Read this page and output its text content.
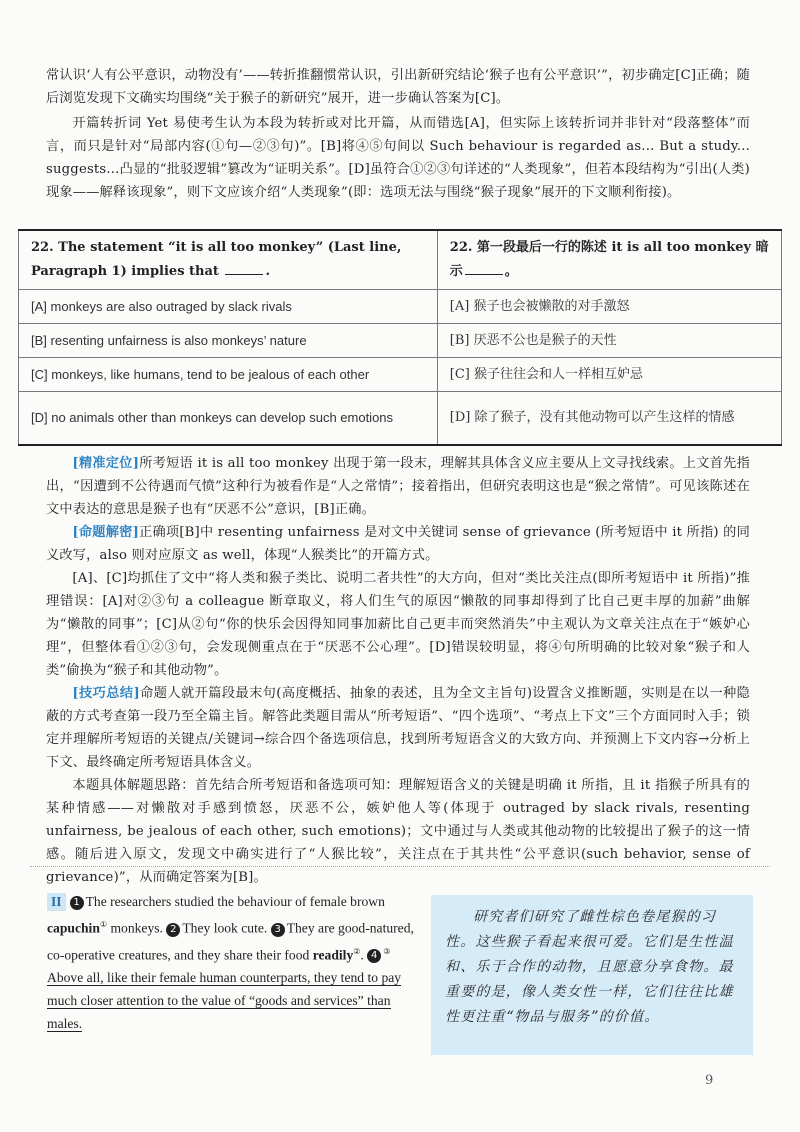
常认识‘人有公平意识，动物没有’——转折推翻惯常认识，引出新研究结论‘猴子也有公平意识’”，初步确定[C]正确；随后浏览发现下文确实均围绕“关于猴子的新研究”展开，进一步确认答案为[C]。

开篇转折词 Yet 易使考生认为本段为转折或对比开篇，从而错选[A]，但实际上该转折词并非针对“段落整体”而言，而只是针对“局部内容(①句—②③句)”。[B]将④⑤句间以 Such behaviour is regarded as... But a study... suggests...凸显的“批驳逻辑”篡改为“证明关系”。[D]虽符合①②③句详述的“人类现象”，但若本段结构为“引出(人类)现象——解释该现象”，则下文应该介绍“人类现象”(即：选项无法与围绕“猴子现象”展开的下文顺利衔接)。

22. The statement “it is all too monkey” (Last line, Paragraph 1) implies that .	22. 第一段最后一行的陈述 it is all too monkey 暗示 。
[A] monkeys are also outraged by slack rivals	[A] 猴子也会被懒散的对手激怒
[B] resenting unfairness is also monkeys’ nature	[B] 厌恶不公也是猴子的天性
[C] monkeys, like humans, tend to be jealous of each other	[C] 猴子往往会和人一样相互妒忌
[D] no animals other than monkeys can develop such emotions	[D] 除了猴子，没有其他动物可以产生这样的情感

[精准定位]所考短语 it is all too monkey 出现于第一段末，理解其具体含义应主要从上文寻找线索。上文首先指出，“因遭到不公待遇而气愤”这种行为被看作是“人之常情”；接着指出，但研究表明这也是“猴之常情”。可见该陈述在文中表达的意思是猴子也有“厌恶不公”意识，[B]正确。

[命题解密]正确项[B]中 resenting unfairness 是对文中关键词 sense of grievance (所考短语中 it 所指) 的同义改写，also 则对应原文 as well，体现“人猴类比”的开篇方式。

[A]、[C]均抓住了文中“将人类和猴子类比、说明二者共性”的大方向，但对“类比关注点(即所考短语中 it 所指)”推理错误：[A]对②③句 a colleague 断章取义，将人们生气的原因“懒散的同事却得到了比自己更丰厚的加薪”曲解为“懒散的同事”；[C]从②句“你的快乐会因得知同事加薪比自己更丰而突然消失”中主观认为文章关注点在于“嫉妒心理”，但整体看①②③句，会发现侧重点在于“厌恶不公心理”。[D]错误较明显，将④句所明确的比较对象“猴子和人类”偷换为“猴子和其他动物”。

[技巧总结]命题人就开篇段最末句(高度概括、抽象的表述，且为全文主旨句)设置含义推断题，实则是在以一种隐蔽的方式考查第一段乃至全篇主旨。解答此类题目需从“所考短语”、“四个选项”、“考点上下文”三个方面同时入手；锁定并理解所考短语的关键点/关键词→综合四个备选项信息，找到所考短语含义的大致方向、并预测上下文内容→分析上下文、最终确定所考短语具体含义。

本题具体解题思路：首先结合所考短语和备选项可知：理解短语含义的关键是明确 it 所指，且 it 指猴子所具有的某种情感——对懒散对手感到愤怒，厌恶不公，嫉妒他人等(体现于 outraged by slack rivals, resenting unfairness, be jealous of each other, such emotions)；文中通过与人类或其他动物的比较提出了猴子的这一情感。随后进入原文，发现文中确实进行了“人猴比较”，关注点在于其共性“公平意识(such behavior, sense of grievance)”，从而确定答案为[B]。

II 1 The researchers studied the behaviour of female brown capuchin① monkeys. 2 They look cute. 3 They are good-natured, co-operative creatures, and they share their food readily②. 4 ③ Above all, like their female human counterparts, they tend to pay much closer attention to the value of “goods and services” than males.
研究者们研究了雌性棕色卷尾猴的习性。这些猴子看起来很可爱。它们是生性温和、乐于合作的动物，且愿意分享食物。最重要的是，像人类女性一样，它们往往比雄性更注重“物品与服务”的价值。
9
